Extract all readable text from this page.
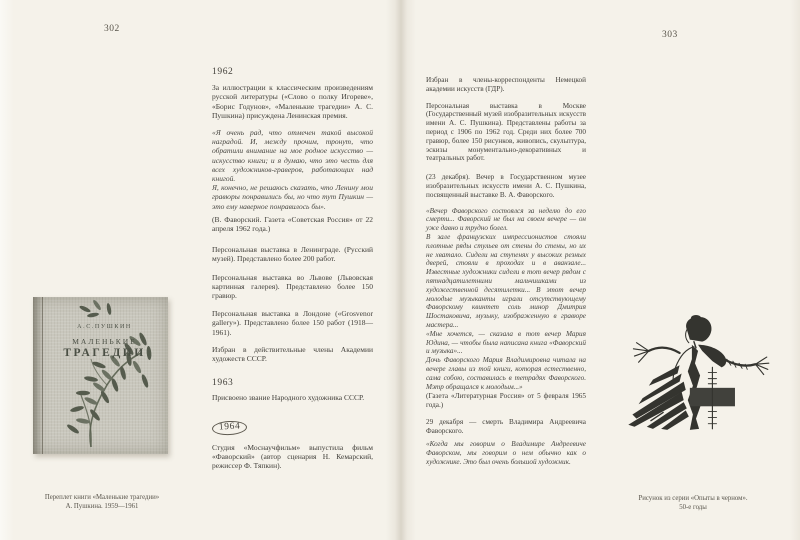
302
1962

За иллюстрации к классическим произведениям русской литературы («Слово о полку Игореве», «Борис Годунов», «Маленькие трагедии» А. С. Пушкина) присуждена Ленинская премия.

«Я очень рад, что отмечен такой высокой наградой. И, между прочим, тронут, что обратили внимание на мое родное искусство — искусство книги; и я думаю, что это честь для всех художников-граверов, работающих над книгой.

Я, конечно, не решаюсь сказать, что Ленину мои гравюры понравились бы, но что тут Пушкин — это ему наверное понравилось бы».

(В. Фаворский. Газета «Советская Россия» от 22 апреля 1962 года.)

Персональная выставка в Ленинграде. (Русский музей). Представлено более 200 работ.

Персональная выставка во Львове (Львовская картинная галерея). Представлено более 150 гравюр.

Персональная выставка в Лондоне («Grosvenor gallery»). Представлено более 150 работ (1918—1961).

Избран в действительные члены Академии художеств СССР.

1963

Присвоено звание Народного художника СССР.

1964

Студия «Моснаучфильм» выпустила фильм «Фаворский» (автор сценария Н. Кемарский, режиссер Ф. Тяпкин).

А.С.ПУШКИН
МАЛЕНЬКИЕ
ТРАГЕДИИ
Переплет книги «Маленькие трагедии»
А. Пушкина. 1959—1961
303

Избран в члены-корреспонденты Немецкой академии искусств (ГДР).

Персональная выставка в Москве (Государственный музей изобразительных искусств имени А. С. Пушкина). Представлены работы за период с 1906 по 1962 год. Среди них более 700 гравюр, более 150 рисунков, живопись, скульптура, эскизы монументально-декоративных и театральных работ.

(23 декабря). Вечер в Государственном музее изобразительных искусств имени А. С. Пушкина, посвященный выставке В. А. Фаворского.

«Вечер Фаворского состоялся за неделю до его смерти... Фаворский не был на своем вечере — он уже давно и трудно болел.

В зале французских импрессионистов стояли плотные ряды стульев от стены до стены, но их не хватало. Сидели на ступенях у высоких резных дверей, стояли в проходах и в аванзале... Известные художники сидели в тот вечер рядом с пятнадцатилетними мальчишками из художественной десятилетки... В этот вечер молодые музыканты играли отсутствующему Фаворскому квинтет соль минор Дмитрия Шостаковича, музыку, изображенную в гравюре мастера...

«Мне хочется, — сказала в тот вечер Мария Юдина, — чтобы была написана книга «Фаворский и музыка»...

Дочь Фаворского Мария Владимировна читала на вечере главы из той книги, которая естественно, сама собою, составилась в тетрадях Фаворского. Мэтр обращался к молодым...»

(Газета «Литературная Россия» от 5 февраля 1965 года.)

29 декабря — смерть Владимира Андреевича Фаворского.

«Когда мы говорим о Владимире Андреевиче Фаворском, мы говорим о нем обычно как о художнике. Это был очень большой художник.

Рисунок из серии «Опыты в черном».
50-е годы
